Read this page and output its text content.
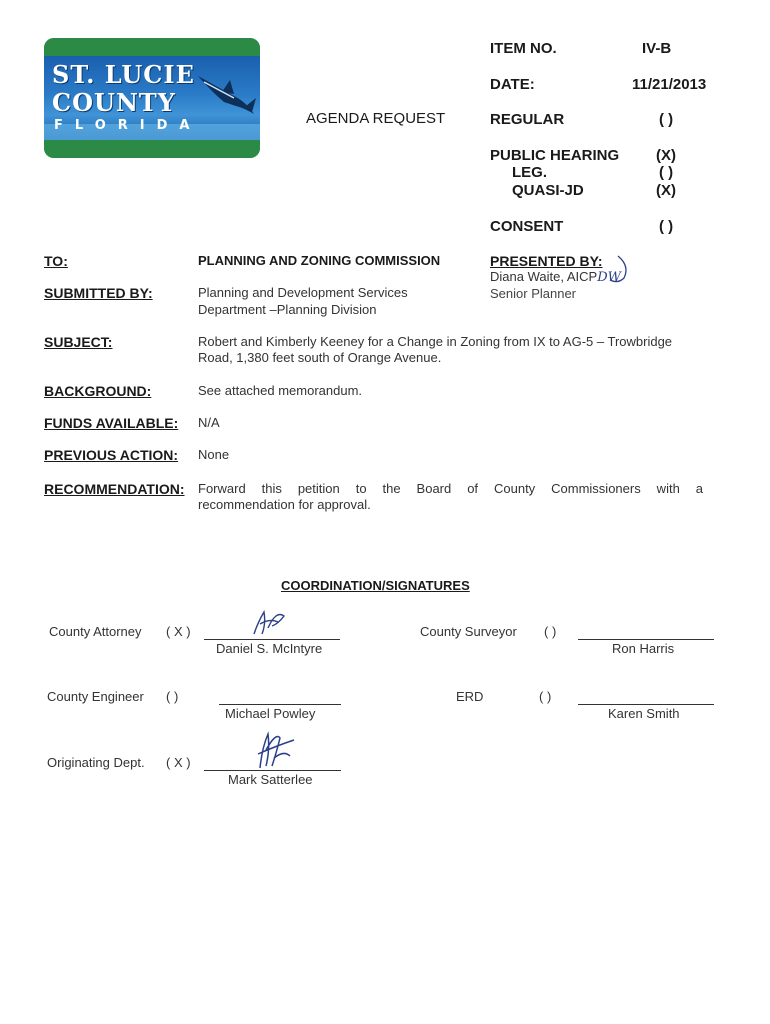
ST. LUCIE
COUNTY
FLORIDA	AGENDA REQUEST
ITEM NO.	IV-B
DATE:	11/21/2013
REGULAR	( )
PUBLIC HEARING (X)
LEG.	( )
QUASI-JD	(X)
CONSENT	( )
TO:	PLANNING AND ZONING COMMISSION	PRESENTED BY:
Diana Waite, AICPDW
Senior Planner
SUBMITTED BY:	Planning and Development Services
Department –Planning Division
SUBJECT:	Robert and Kimberly Keeney for a Change in Zoning from IX to AG-5 – Trowbridge
Road, 1,380 feet south of Orange Avenue.
BACKGROUND:	See attached memorandum.
FUNDS AVAILABLE: N/A
PREVIOUS ACTION: None
RECOMMENDATION: Forward this petition to the Board of County Commissioners with a
recommendation for approval.
COORDINATION/SIGNATURES
County Attorney ( X )
Daniel S. McIntyre
County Surveyor ( )
Ron Harris
County Engineer ( )
Michael Powley
ERD	( )
Karen Smith
Originating Dept. ( X )
Mark Satterlee
